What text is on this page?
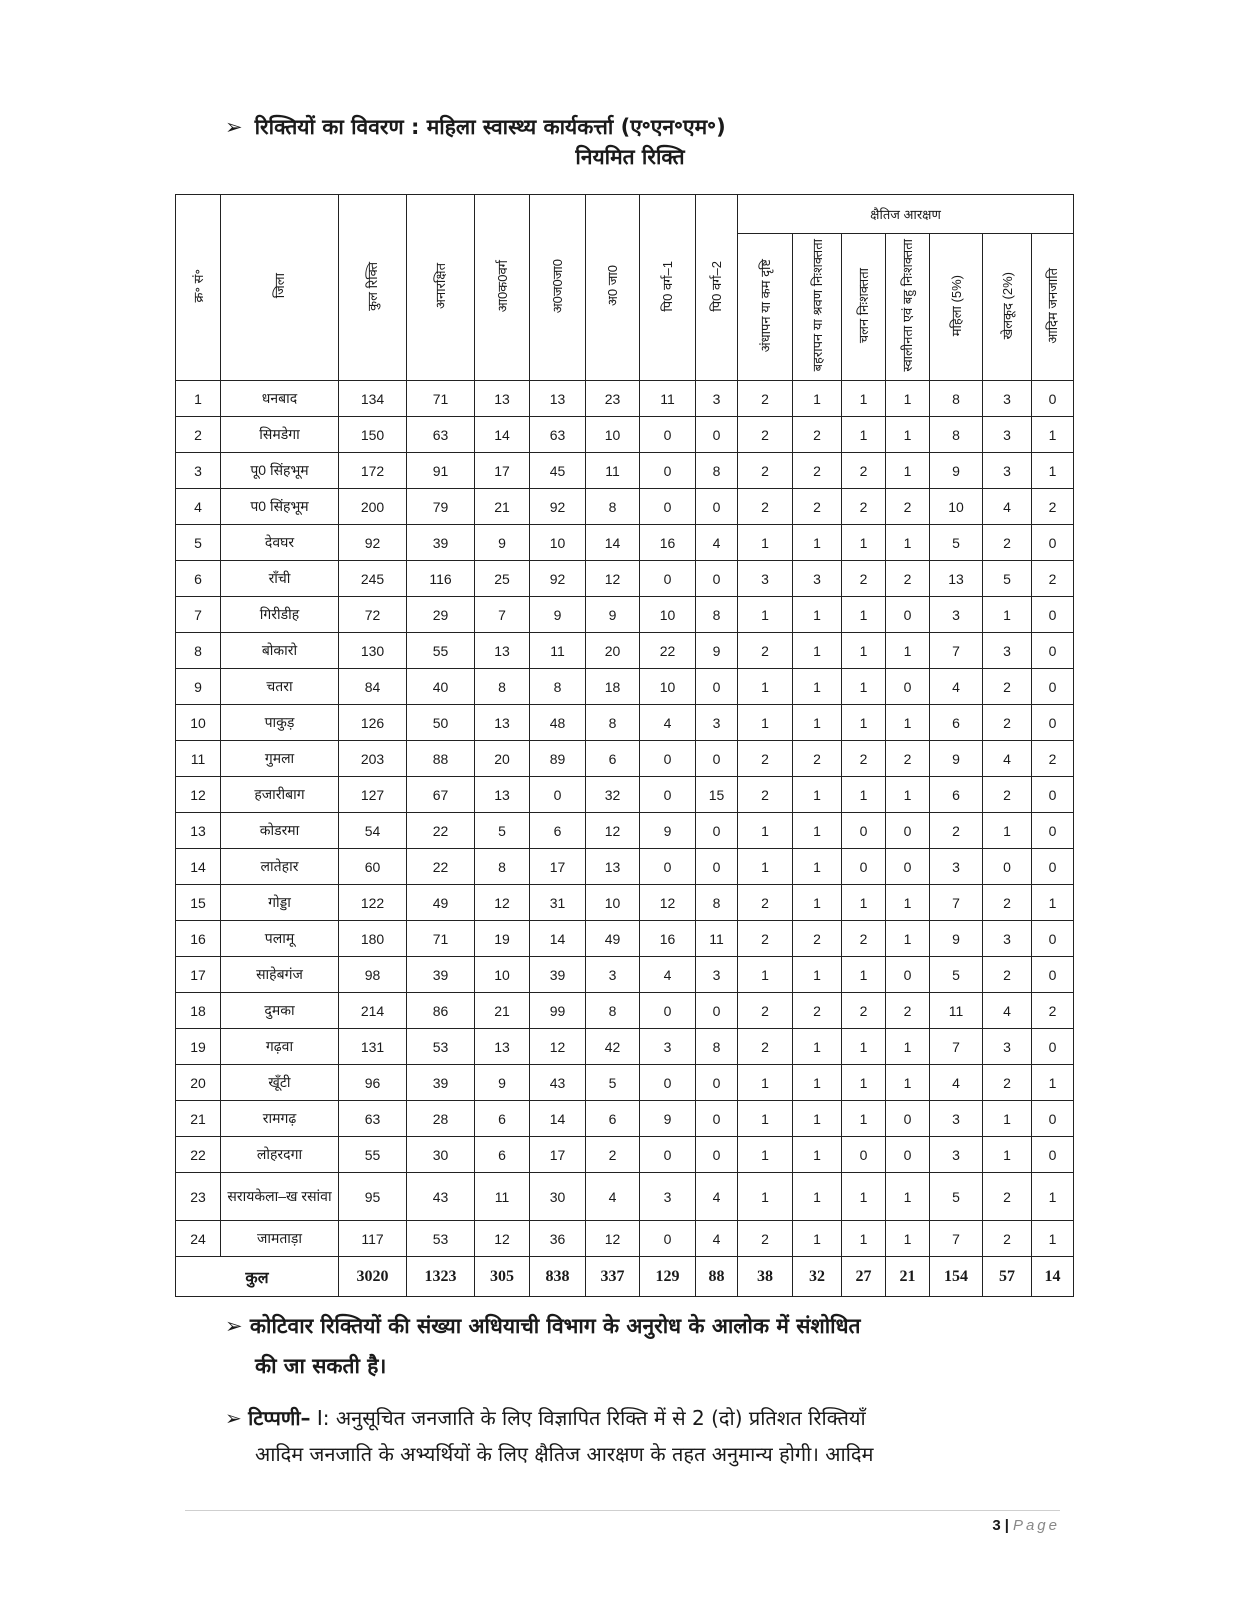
➢ रिक्तियों का विवरण : महिला स्वास्थ्य कार्यकर्त्ता (ए॰एन॰एम॰)
नियमित रिक्ति
क्र॰ सं॰	जिला	कुल रिक्ति	अनारक्षित	आ0क0वर्ग	अ0ज0जा0	अ0 जा0	पि0 वर्ग–1	पि0 वर्ग–2	क्षैतिज आरक्षण						
									अंधापन या कम दृष्टि	बहरापन या श्रवण निःशक्तता	चलन निःशक्तता	स्वालीनता एवं बहु निःशक्तता	महिला (5%)	खेलकूद (2%)	आदिम जनजाति
1	धनबाद	134	71	13	13	23	11	3	2	1	1	1	8	3	0
2	सिमडेगा	150	63	14	63	10	0	0	2	2	1	1	8	3	1
3	पू0 सिंहभूम	172	91	17	45	11	0	8	2	2	2	1	9	3	1
4	प0 सिंहभूम	200	79	21	92	8	0	0	2	2	2	2	10	4	2
5	देवघर	92	39	9	10	14	16	4	1	1	1	1	5	2	0
6	राँची	245	116	25	92	12	0	0	3	3	2	2	13	5	2
7	गिरीडीह	72	29	7	9	9	10	8	1	1	1	0	3	1	0
8	बोकारो	130	55	13	11	20	22	9	2	1	1	1	7	3	0
9	चतरा	84	40	8	8	18	10	0	1	1	1	0	4	2	0
10	पाकुड़	126	50	13	48	8	4	3	1	1	1	1	6	2	0
11	गुमला	203	88	20	89	6	0	0	2	2	2	2	9	4	2
12	हजारीबाग	127	67	13	0	32	0	15	2	1	1	1	6	2	0
13	कोडरमा	54	22	5	6	12	9	0	1	1	0	0	2	1	0
14	लातेहार	60	22	8	17	13	0	0	1	1	0	0	3	0	0
15	गोड्डा	122	49	12	31	10	12	8	2	1	1	1	7	2	1
16	पलामू	180	71	19	14	49	16	11	2	2	2	1	9	3	0
17	साहेबगंज	98	39	10	39	3	4	3	1	1	1	0	5	2	0
18	दुमका	214	86	21	99	8	0	0	2	2	2	2	11	4	2
19	गढ़वा	131	53	13	12	42	3	8	2	1	1	1	7	3	0
20	खूँटी	96	39	9	43	5	0	0	1	1	1	1	4	2	1
21	रामगढ़	63	28	6	14	6	9	0	1	1	1	0	3	1	0
22	लोहरदगा	55	30	6	17	2	0	0	1	1	0	0	3	1	0
23	सरायकेला–ख रसांवा	95	43	11	30	4	3	4	1	1	1	1	5	2	1
24	जामताड़ा	117	53	12	36	12	0	4	2	1	1	1	7	2	1
कुल		3020	1323	305	838	337	129	88	38	32	27	21	154	57	14
➢ कोटिवार रिक्तियों की संख्या अधियाची विभाग के अनुरोध के आलोक में संशोधित
की जा सकती है।
➢ टिप्पणी– I: अनुसूचित जनजाति के लिए विज्ञापित रिक्ति में से 2 (दो) प्रतिशत रिक्तियाँ
आदिम जनजाति के अभ्यर्थियों के लिए क्षैतिज आरक्षण के तहत अनुमान्य होगी। आदिम
3 | Page
